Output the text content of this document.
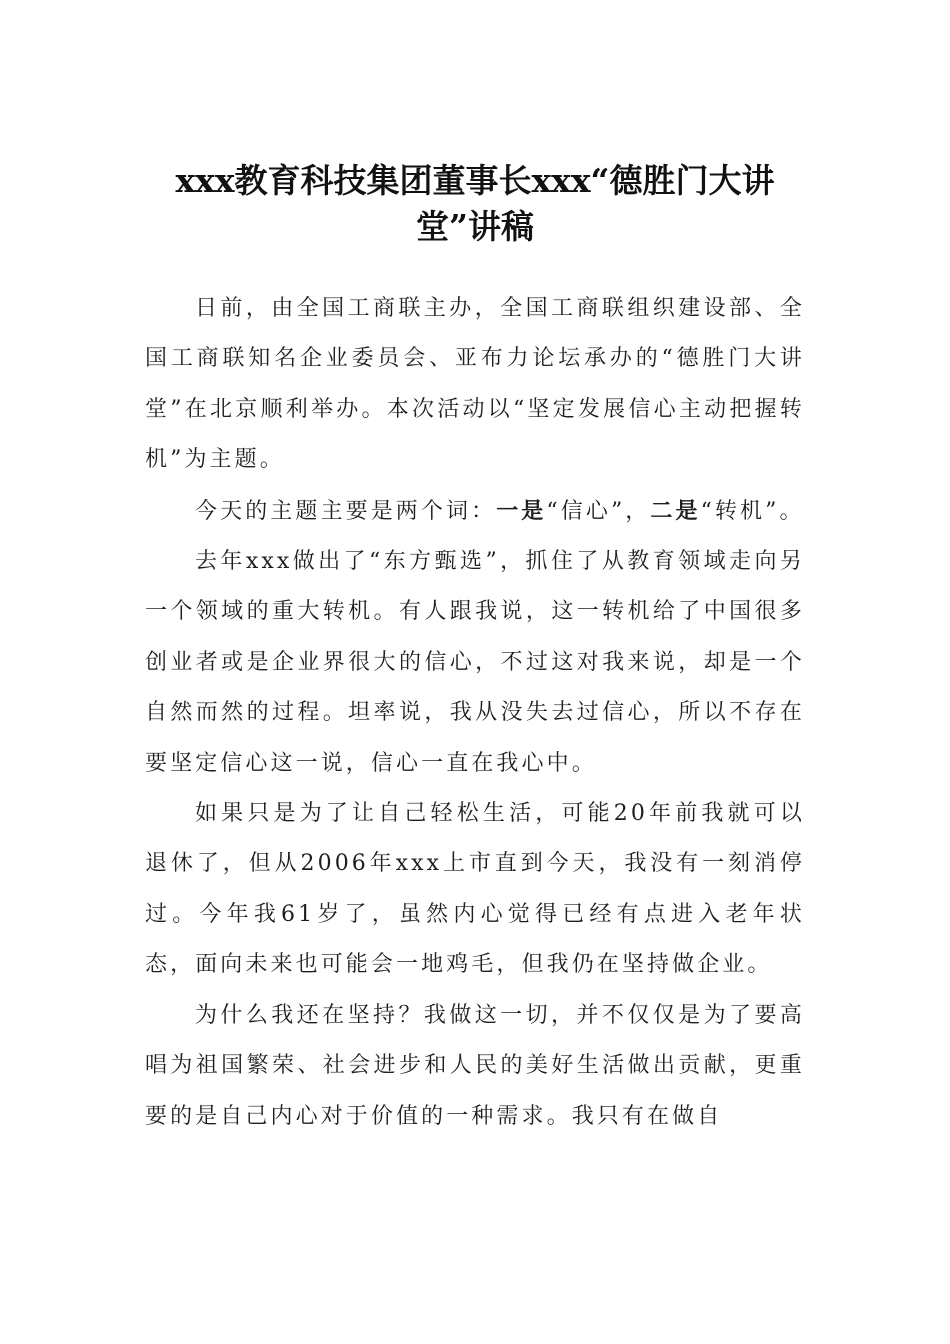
xxx教育科技集团董事长xxx“德胜门大讲堂”讲稿

日前，由全国工商联主办，全国工商联组织建设部、全国工商联知名企业委员会、亚布力论坛承办的“德胜门大讲堂”在北京顺利举办。本次活动以“坚定发展信心主动把握转机”为主题。

今天的主题主要是两个词：一是“信心”，二是“转机”。

去年xxx做出了“东方甄选”，抓住了从教育领域走向另一个领域的重大转机。有人跟我说，这一转机给了中国很多创业者或是企业界很大的信心，不过这对我来说，却是一个自然而然的过程。坦率说，我从没失去过信心，所以不存在要坚定信心这一说，信心一直在我心中。

如果只是为了让自己轻松生活，可能20年前我就可以退休了，但从2006年xxx上市直到今天，我没有一刻消停过。今年我61岁了，虽然内心觉得已经有点进入老年状态，面向未来也可能会一地鸡毛，但我仍在坚持做企业。

为什么我还在坚持？我做这一切，并不仅仅是为了要高唱为祖国繁荣、社会进步和人民的美好生活做出贡献，更重要的是自己内心对于价值的一种需求。我只有在做自
